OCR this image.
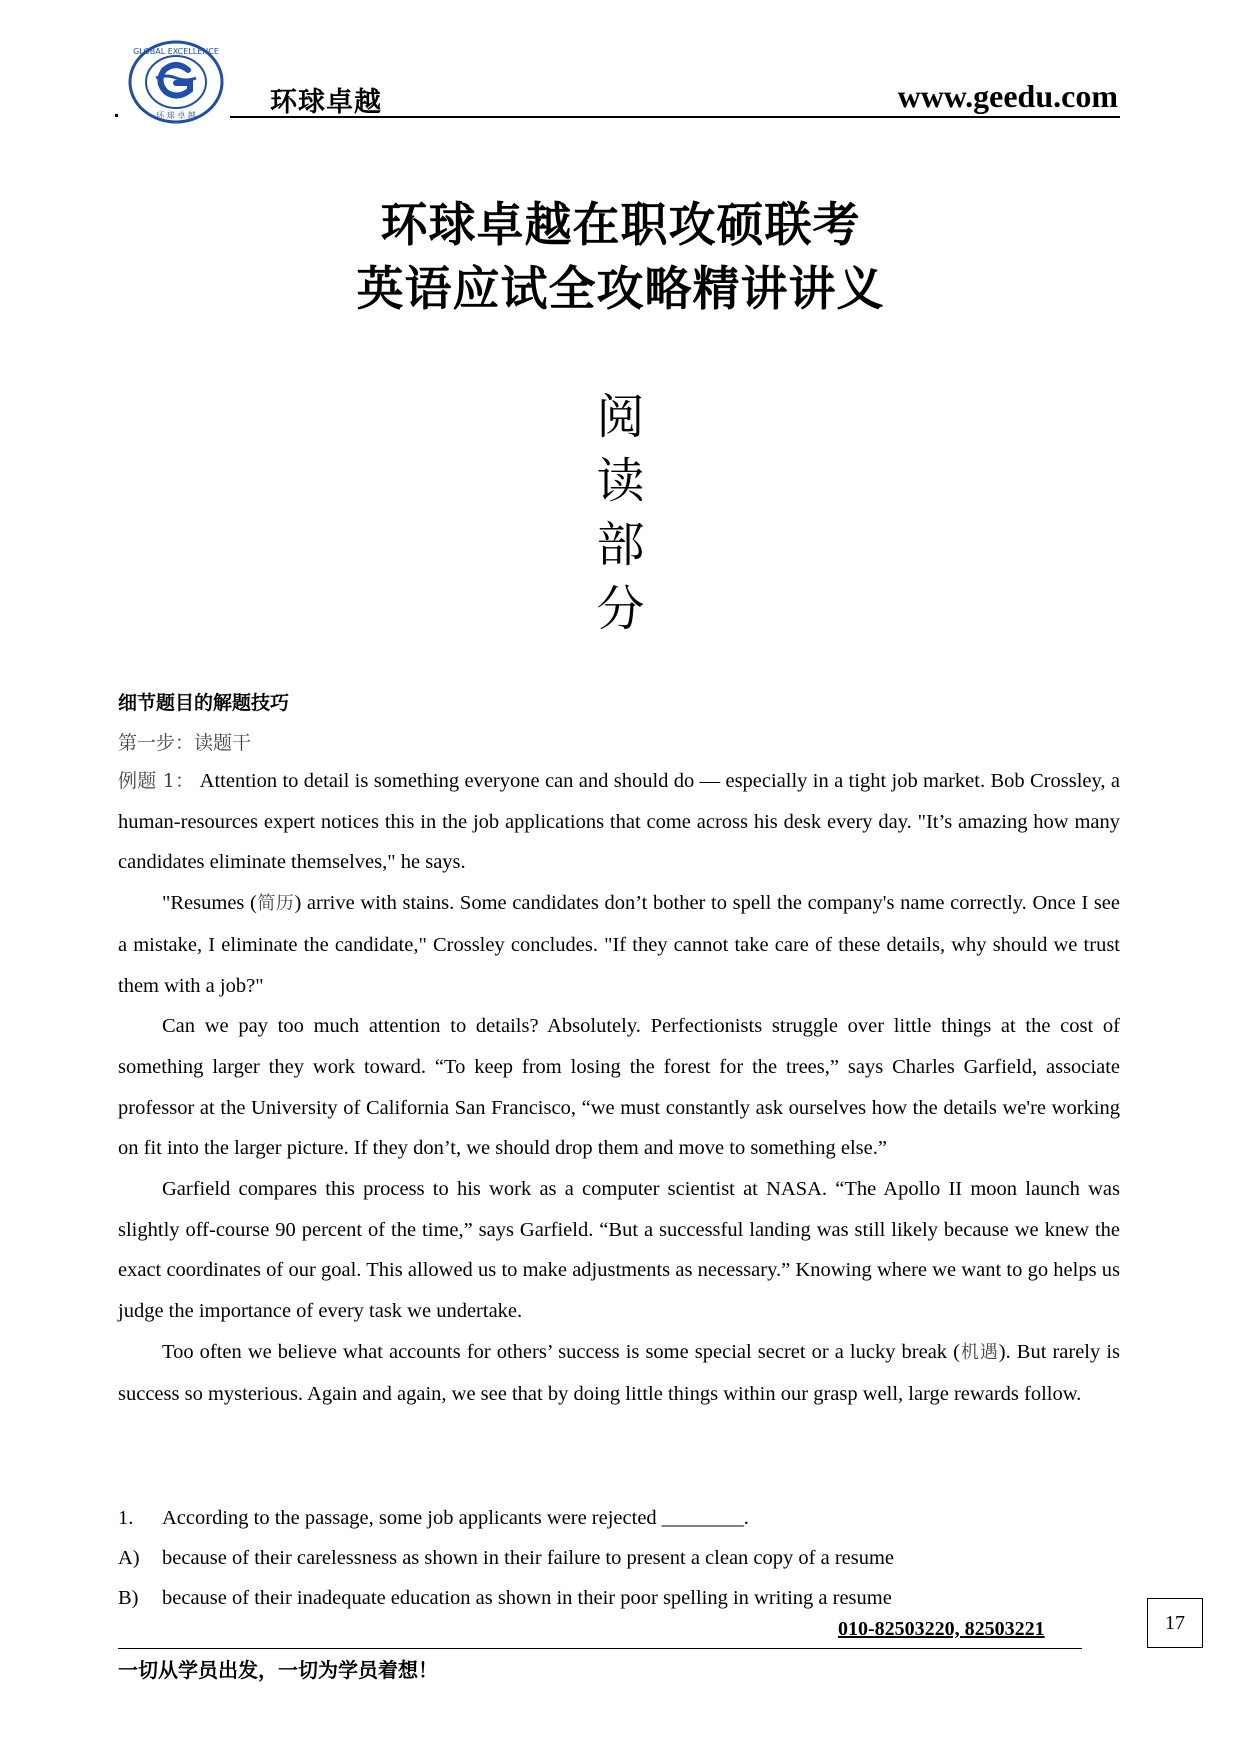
GLOBAL EXCELLENCE
环 球 卓 越	环球卓越	www.geedu.com
环球卓越在职攻硕联考
英语应试全攻略精讲讲义
阅
读
部
分
细节题目的解题技巧
第一步：读题干

例题 1： Attention to detail is something everyone can and should do — especially in a tight job market. Bob Crossley, a human-resources expert notices this in the job applications that come across his desk every day. "It’s amazing how many candidates eliminate themselves," he says.

"Resumes (简历) arrive with stains. Some candidates don’t bother to spell the company's name correctly. Once I see a mistake, I eliminate the candidate," Crossley concludes. "If they cannot take care of these details, why should we trust them with a job?"

Can we pay too much attention to details? Absolutely. Perfectionists struggle over little things at the cost of something larger they work toward. “To keep from losing the forest for the trees,” says Charles Garfield, associate professor at the University of California San Francisco, “we must constantly ask ourselves how the details we're working on fit into the larger picture. If they don’t, we should drop them and move to something else.”

Garfield compares this process to his work as a computer scientist at NASA. “The Apollo II moon launch was slightly off-course 90 percent of the time,” says Garfield. “But a successful landing was still likely because we knew the exact coordinates of our goal. This allowed us to make adjustments as necessary.” Knowing where we want to go helps us judge the importance of every task we undertake.

Too often we believe what accounts for others’ success is some special secret or a lucky break (机遇). But rarely is success so mysterious. Again and again, we see that by doing little things within our grasp well, large rewards follow.

1. According to the passage, some job applicants were rejected ________.
A) because of their carelessness as shown in their failure to present a clean copy of a resume
B) because of their inadequate education as shown in their poor spelling in writing a resume
17
010-82503220, 82503221
一切从学员出发，一切为学员着想！
